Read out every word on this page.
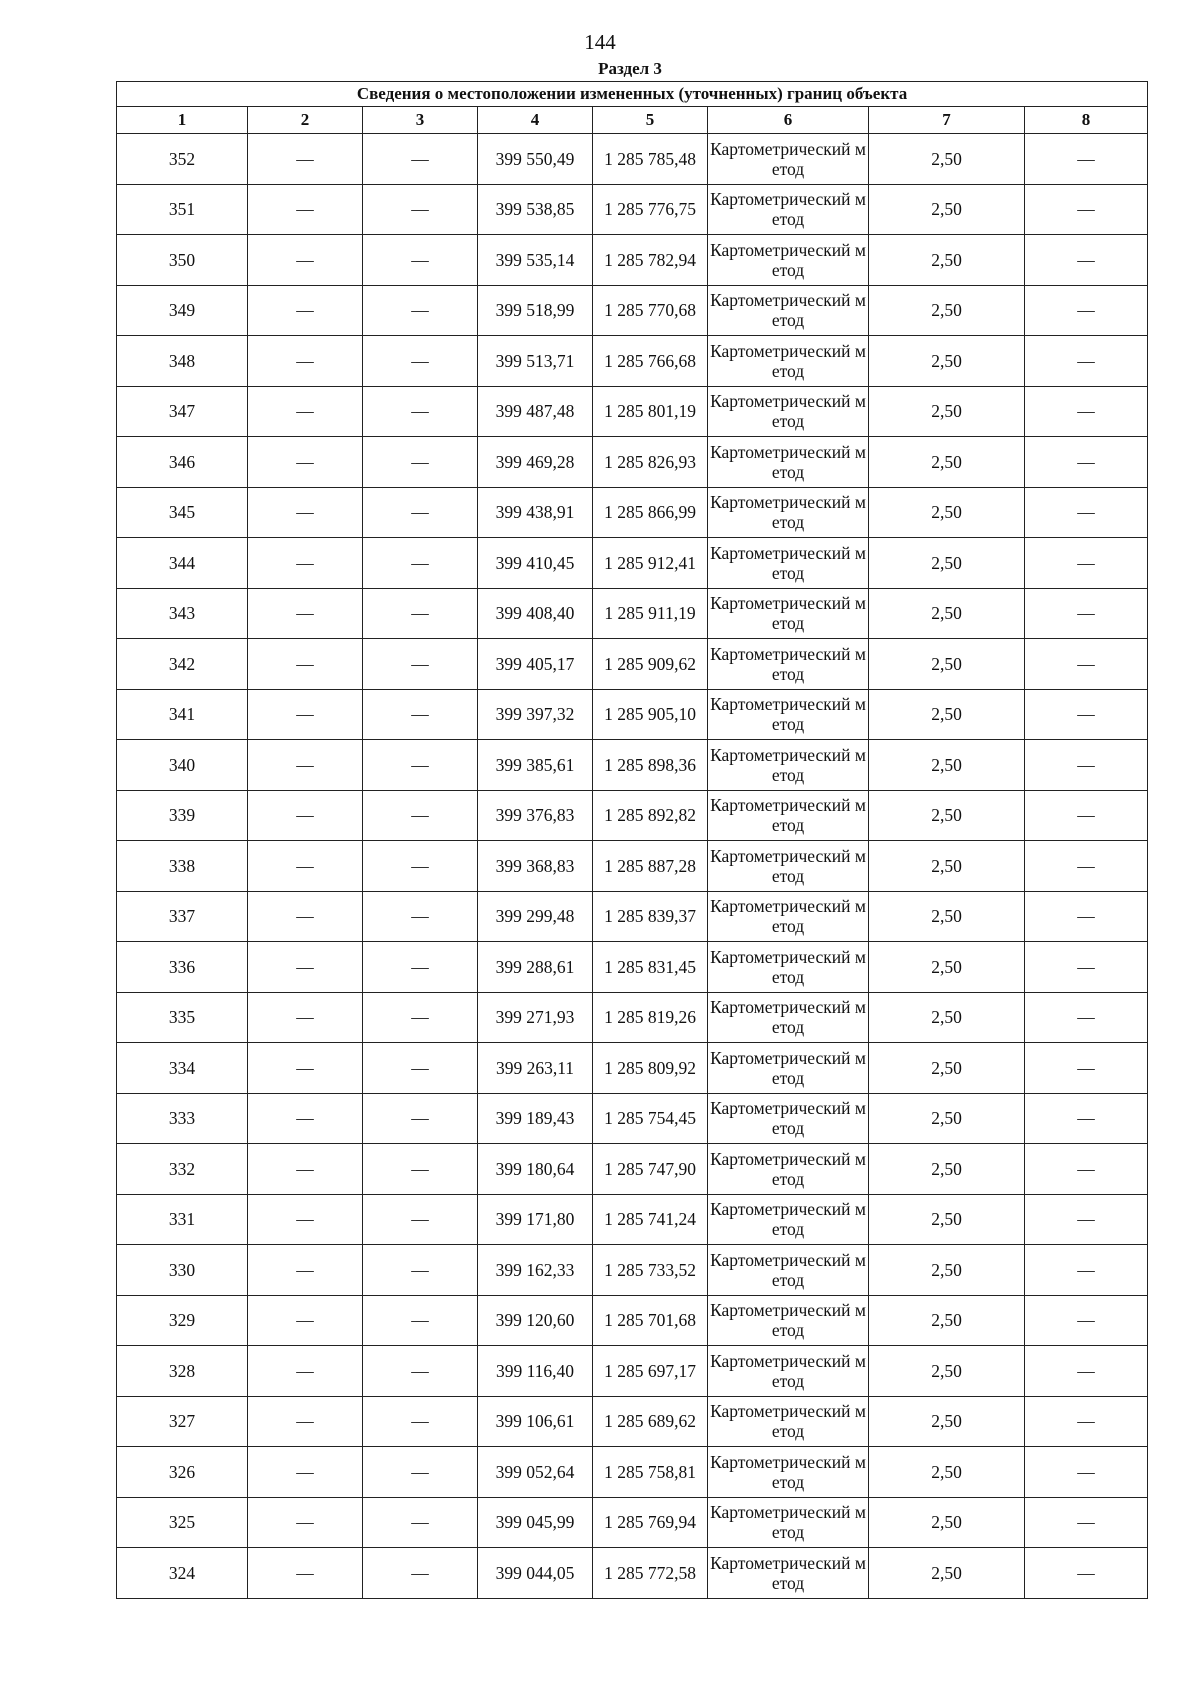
144
Раздел 3
Сведения о местоположении измененных (уточненных) границ объекта							
1	2	3	4	5	6	7	8
352	—	—	399 550,49	1 285 785,48	Картометрический метод	2,50	—
351	—	—	399 538,85	1 285 776,75	Картометрический метод	2,50	—
350	—	—	399 535,14	1 285 782,94	Картометрический метод	2,50	—
349	—	—	399 518,99	1 285 770,68	Картометрический метод	2,50	—
348	—	—	399 513,71	1 285 766,68	Картометрический метод	2,50	—
347	—	—	399 487,48	1 285 801,19	Картометрический метод	2,50	—
346	—	—	399 469,28	1 285 826,93	Картометрический метод	2,50	—
345	—	—	399 438,91	1 285 866,99	Картометрический метод	2,50	—
344	—	—	399 410,45	1 285 912,41	Картометрический метод	2,50	—
343	—	—	399 408,40	1 285 911,19	Картометрический метод	2,50	—
342	—	—	399 405,17	1 285 909,62	Картометрический метод	2,50	—
341	—	—	399 397,32	1 285 905,10	Картометрический метод	2,50	—
340	—	—	399 385,61	1 285 898,36	Картометрический метод	2,50	—
339	—	—	399 376,83	1 285 892,82	Картометрический метод	2,50	—
338	—	—	399 368,83	1 285 887,28	Картометрический метод	2,50	—
337	—	—	399 299,48	1 285 839,37	Картометрический метод	2,50	—
336	—	—	399 288,61	1 285 831,45	Картометрический метод	2,50	—
335	—	—	399 271,93	1 285 819,26	Картометрический метод	2,50	—
334	—	—	399 263,11	1 285 809,92	Картометрический метод	2,50	—
333	—	—	399 189,43	1 285 754,45	Картометрический метод	2,50	—
332	—	—	399 180,64	1 285 747,90	Картометрический метод	2,50	—
331	—	—	399 171,80	1 285 741,24	Картометрический метод	2,50	—
330	—	—	399 162,33	1 285 733,52	Картометрический метод	2,50	—
329	—	—	399 120,60	1 285 701,68	Картометрический метод	2,50	—
328	—	—	399 116,40	1 285 697,17	Картометрический метод	2,50	—
327	—	—	399 106,61	1 285 689,62	Картометрический метод	2,50	—
326	—	—	399 052,64	1 285 758,81	Картометрический метод	2,50	—
325	—	—	399 045,99	1 285 769,94	Картометрический метод	2,50	—
324	—	—	399 044,05	1 285 772,58	Картометрический метод	2,50	—
